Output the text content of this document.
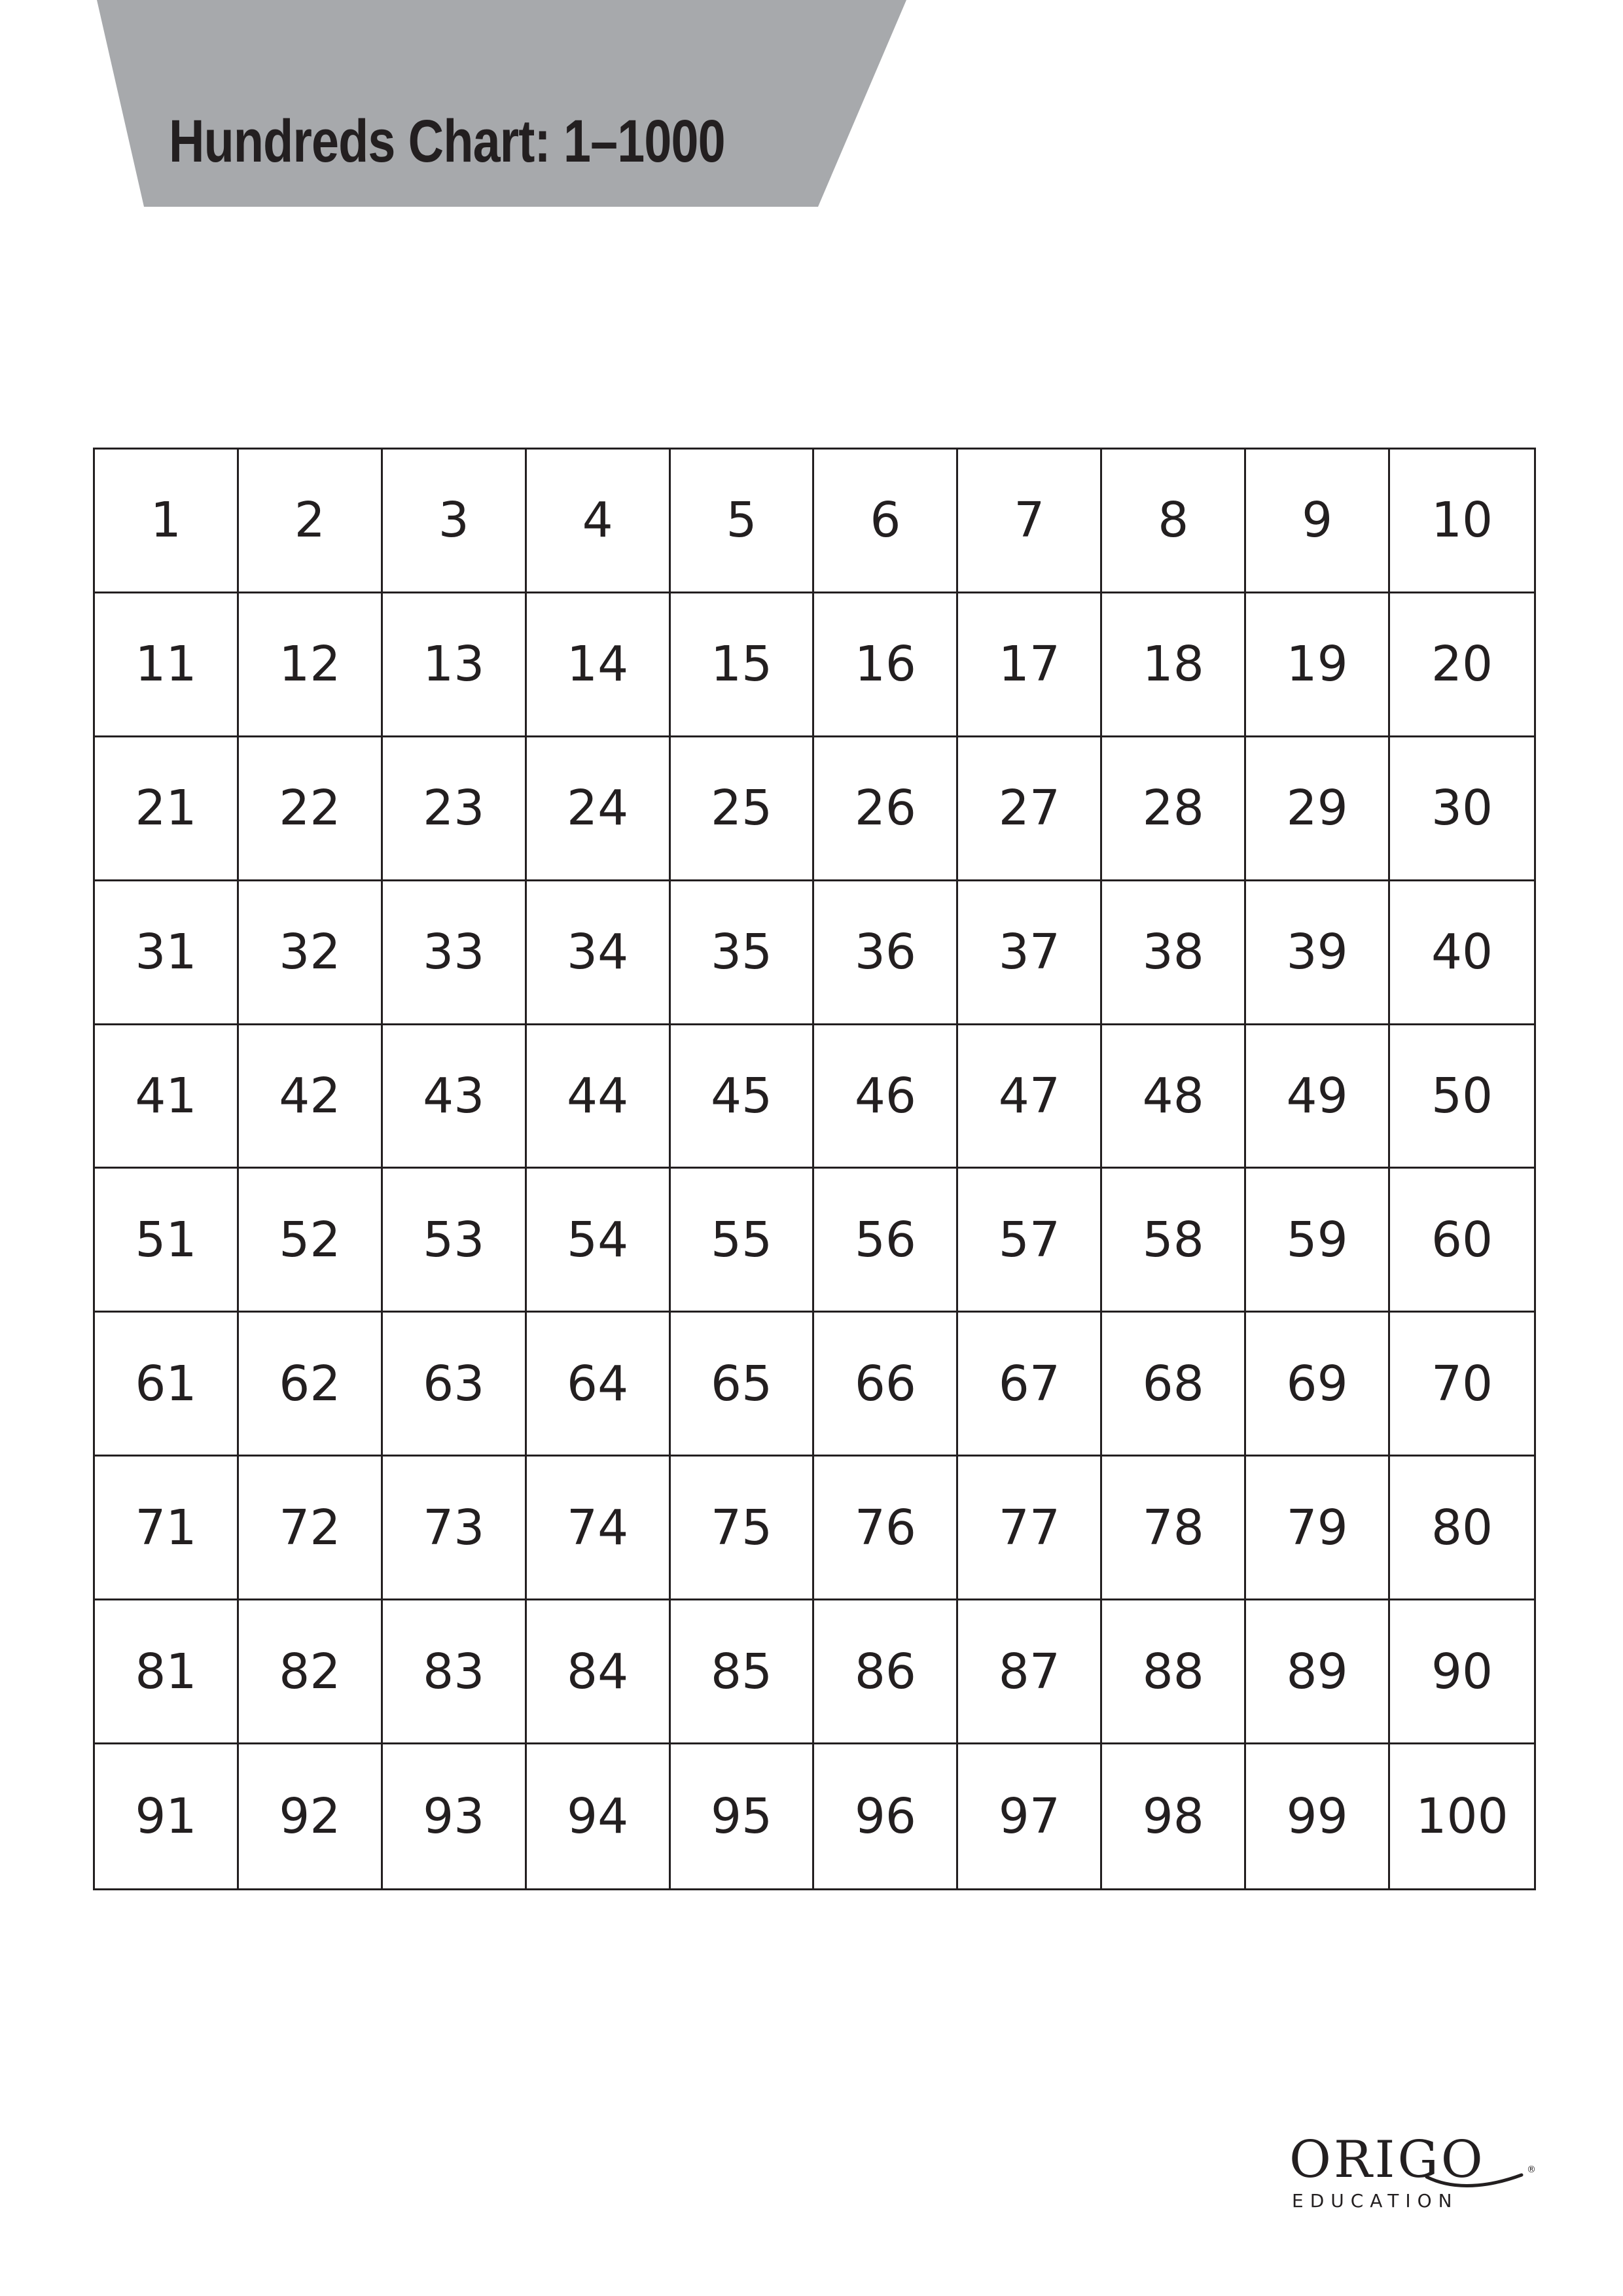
Hundreds Chart: 1–1000
1	2	3	4	5	6	7	8	9	10
11	12	13	14	15	16	17	18	19	20
21	22	23	24	25	26	27	28	29	30
31	32	33	34	35	36	37	38	39	40
41	42	43	44	45	46	47	48	49	50
51	52	53	54	55	56	57	58	59	60
61	62	63	64	65	66	67	68	69	70
71	72	73	74	75	76	77	78	79	80
81	82	83	84	85	86	87	88	89	90
91	92	93	94	95	96	97	98	99	100
ORIGO	®
EDUCATION
